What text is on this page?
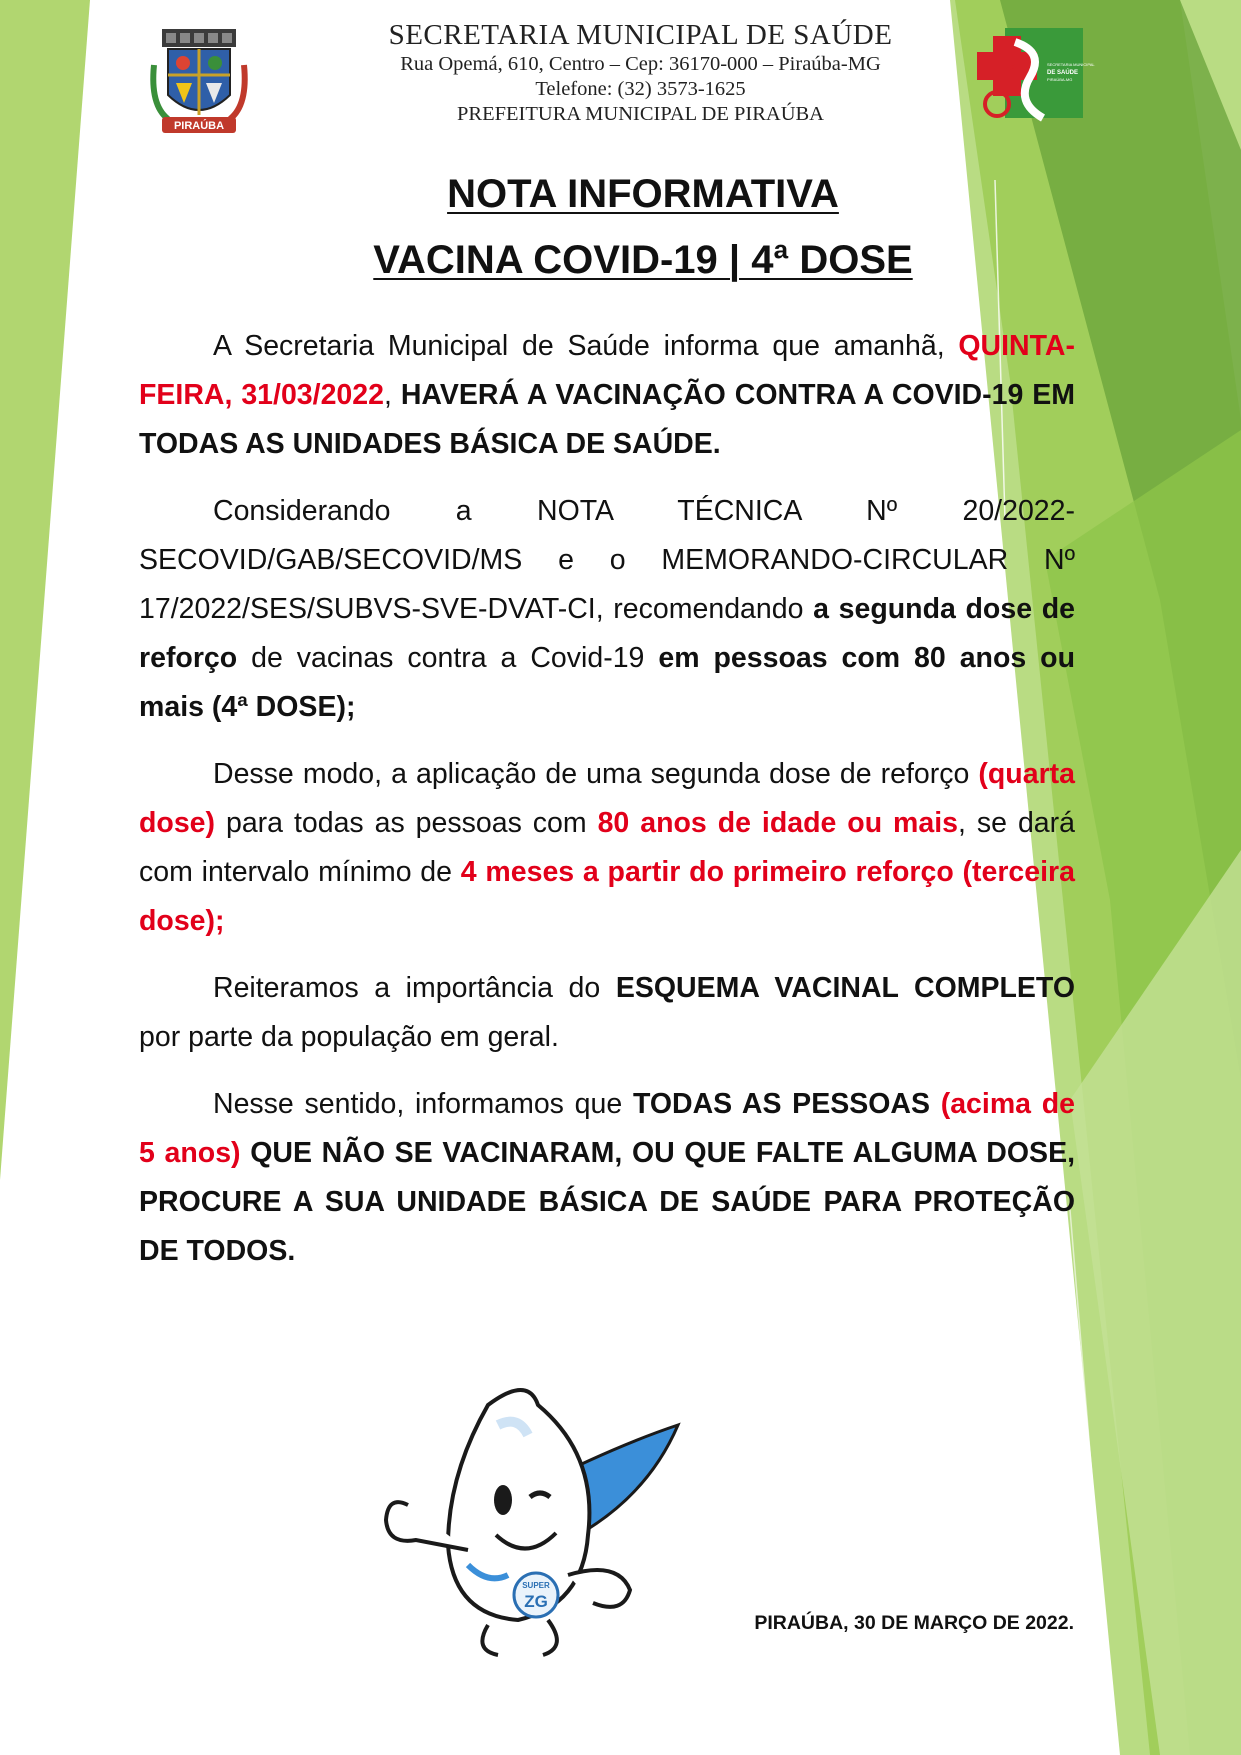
PIRAÚBA
SECRETARIA MUNICIPAL DE SAÚDE
Rua Opemá, 610, Centro – Cep: 36170-000 – Piraúba-MG
Telefone: (32) 3573-1625
PREFEITURA MUNICIPAL DE PIRAÚBA
SECRETARIA MUNICIPAL
DE SAÚDE
PIRAÚBA-MG
NOTA INFORMATIVA
VACINA COVID-19 | 4ª DOSE

A Secretaria Municipal de Saúde informa que amanhã, QUINTA-FEIRA, 31/03/2022, HAVERÁ A VACINAÇÃO CONTRA A COVID-19 EM TODAS AS UNIDADES BÁSICA DE SAÚDE.

Considerando a NOTA TÉCNICA Nº 20/2022-SECOVID/GAB/SECOVID/MS e o MEMORANDO-CIRCULAR Nº 17/2022/SES/SUBVS-SVE-DVAT-CI, recomendando a segunda dose de reforço de vacinas contra a Covid-19 em pessoas com 80 anos ou mais (4ª DOSE);

Desse modo, a aplicação de uma segunda dose de reforço (quarta dose) para todas as pessoas com 80 anos de idade ou mais, se dará com intervalo mínimo de 4 meses a partir do primeiro reforço (terceira dose);

Reiteramos a importância do ESQUEMA VACINAL COMPLETO por parte da população em geral.

Nesse sentido, informamos que TODAS AS PESSOAS (acima de 5 anos) QUE NÃO SE VACINARAM, OU QUE FALTE ALGUMA DOSE, PROCURE A SUA UNIDADE BÁSICA DE SAÚDE PARA PROTEÇÃO DE TODOS.

SUPER
ZG
PIRAÚBA, 30 DE MARÇO DE 2022.
